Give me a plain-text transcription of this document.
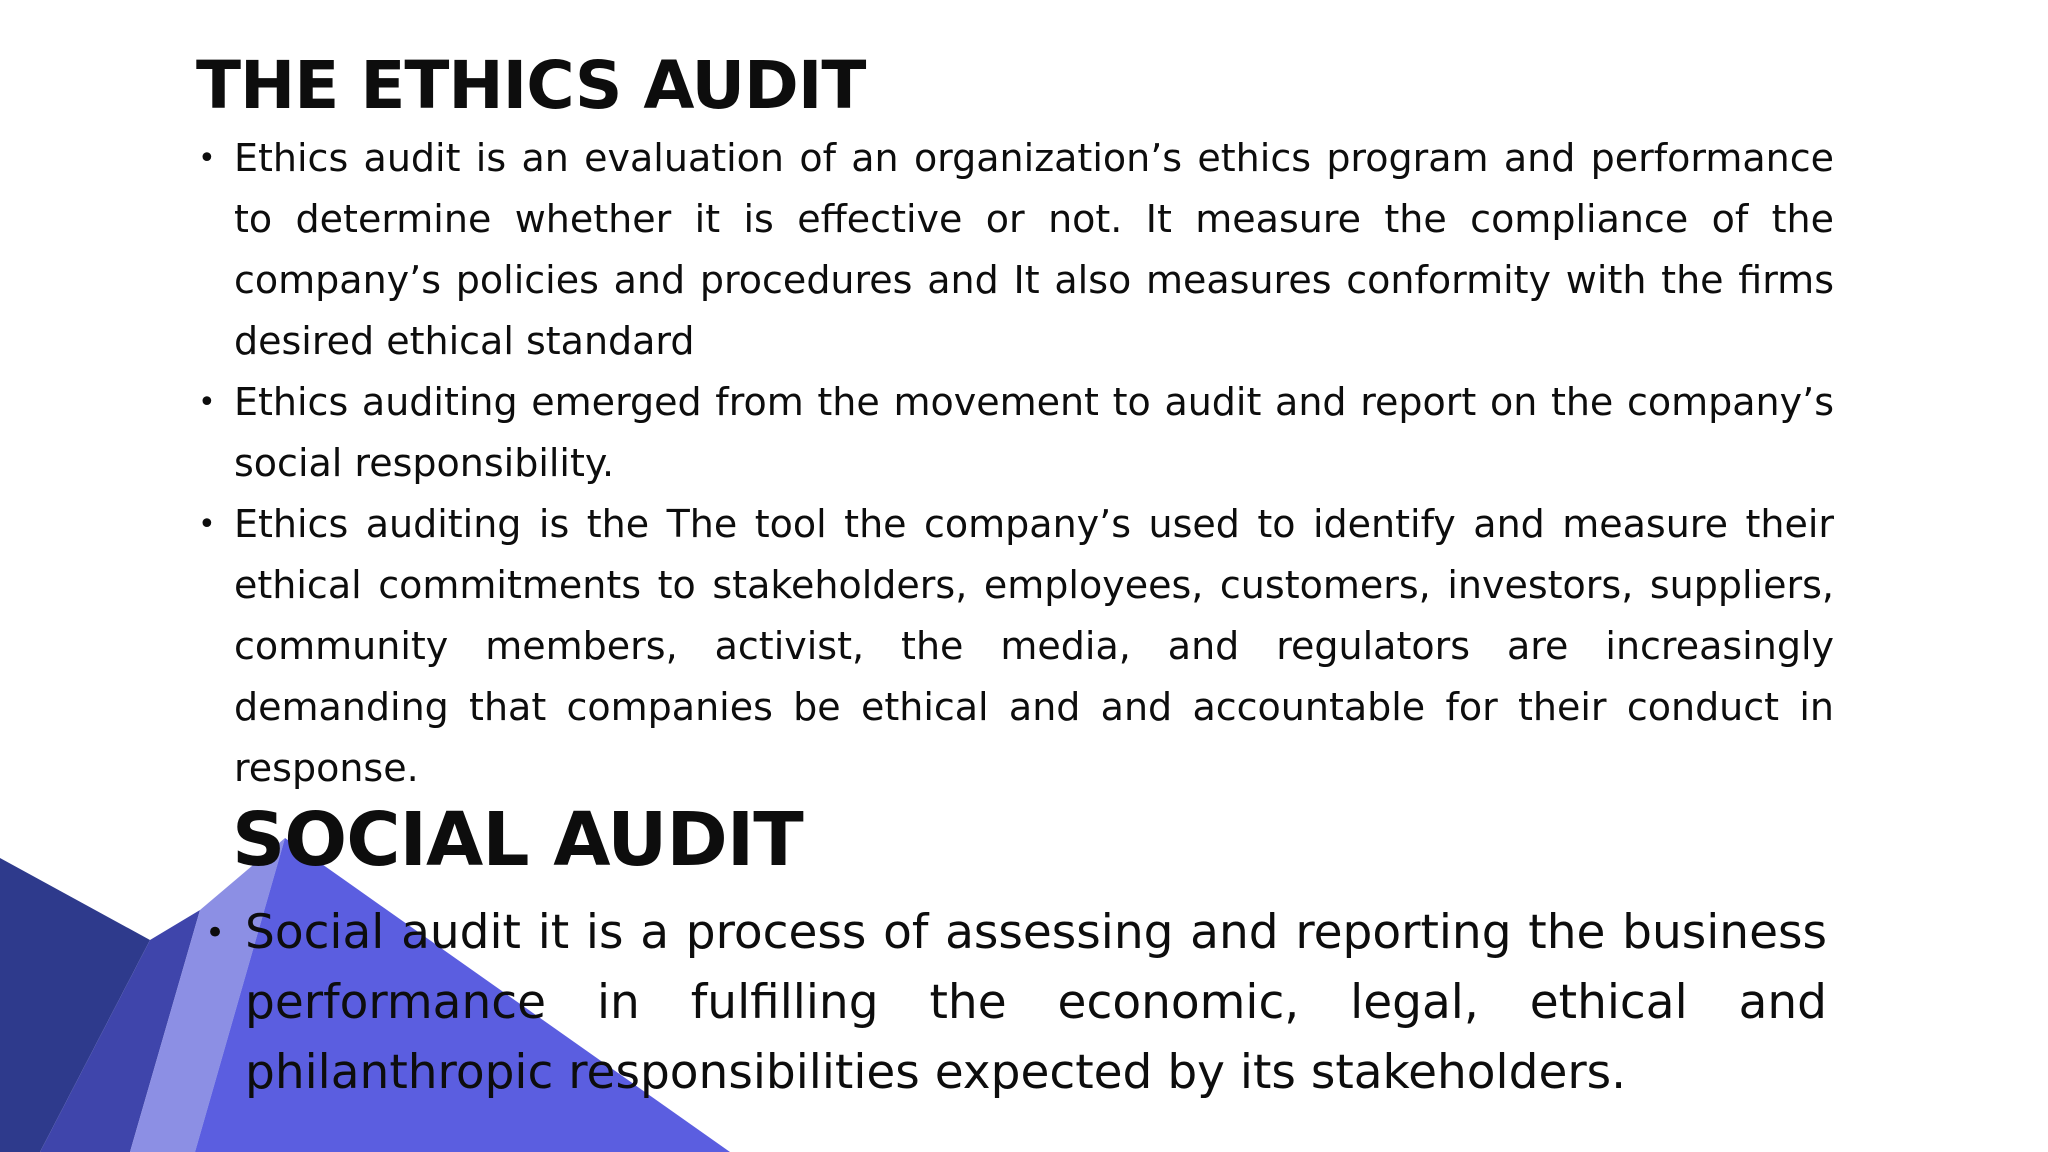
THE ETHICS AUDIT
• Ethics audit is an evaluation of an organization’s ethics program and performance to determine whether it is effective or not. It measure the compliance of the company’s policies and procedures and It also measures conformity with the firms desired ethical standard
• Ethics auditing emerged from the movement to audit and report on the company’s social responsibility.
• Ethics auditing is the The tool the company’s used to identify and measure their ethical commitments to stakeholders, employees, customers, investors, suppliers, community members, activist, the media, and regulators are increasingly demanding that companies be ethical and and accountable for their conduct in response.
SOCIAL AUDIT
• Social audit it is a process of assessing and reporting the business performance in fulfilling the economic, legal, ethical and philanthropic responsibilities expected by its stakeholders.
